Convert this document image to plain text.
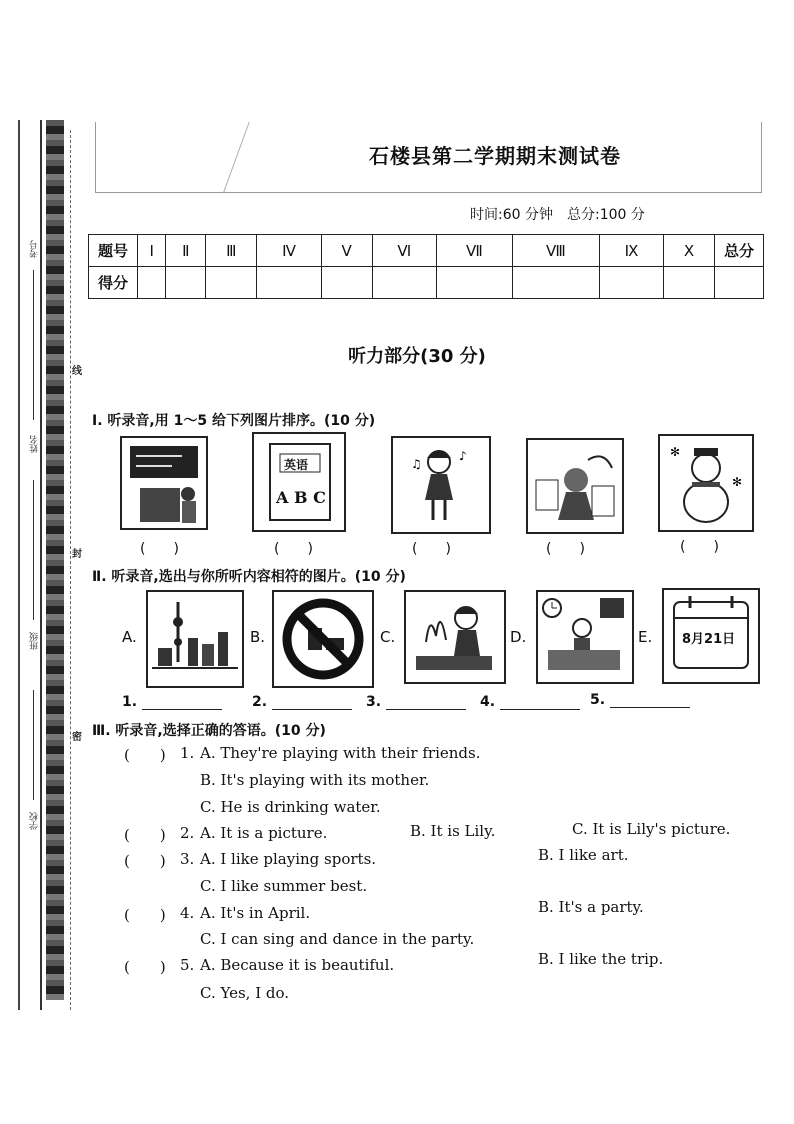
考号
姓名
班级
学校
线
封
密
石楼县第二学期期末测试卷
时间:60 分钟　总分:100 分
题号	Ⅰ	Ⅱ	Ⅲ	Ⅳ	Ⅴ	Ⅵ	Ⅶ	Ⅷ	Ⅸ	Ⅹ	总分
得分											
听力部分(30 分)
Ⅰ. 听录音,用 1～5 给下列图片排序。(10 分)
英语
A B C
♪
♫
✻
✻
(　　)	(　　)	(　　)	(　　)	(　　)
Ⅱ. 听录音,选出与你所听内容相符的图片。(10 分)
A.	B.	C.	D.	E. 8月21日
1.	2.	3.	4.	5.
Ⅲ. 听录音,选择正确的答语。(10 分)
(　　) 1. A. They're playing with their friends.
B. It's playing with its mother.
C. He is drinking water.
(　　) 2. A. It is a picture.	B. It is Lily.	C. It is Lily's picture.
(　　) 3. A. I like playing sports.	B. I like art.
C. I like summer best.
(　　) 4. A. It's in April.	B. It's a party.
C. I can sing and dance in the party.
(　　) 5. A. Because it is beautiful.	B. I like the trip.
C. Yes, I do.
